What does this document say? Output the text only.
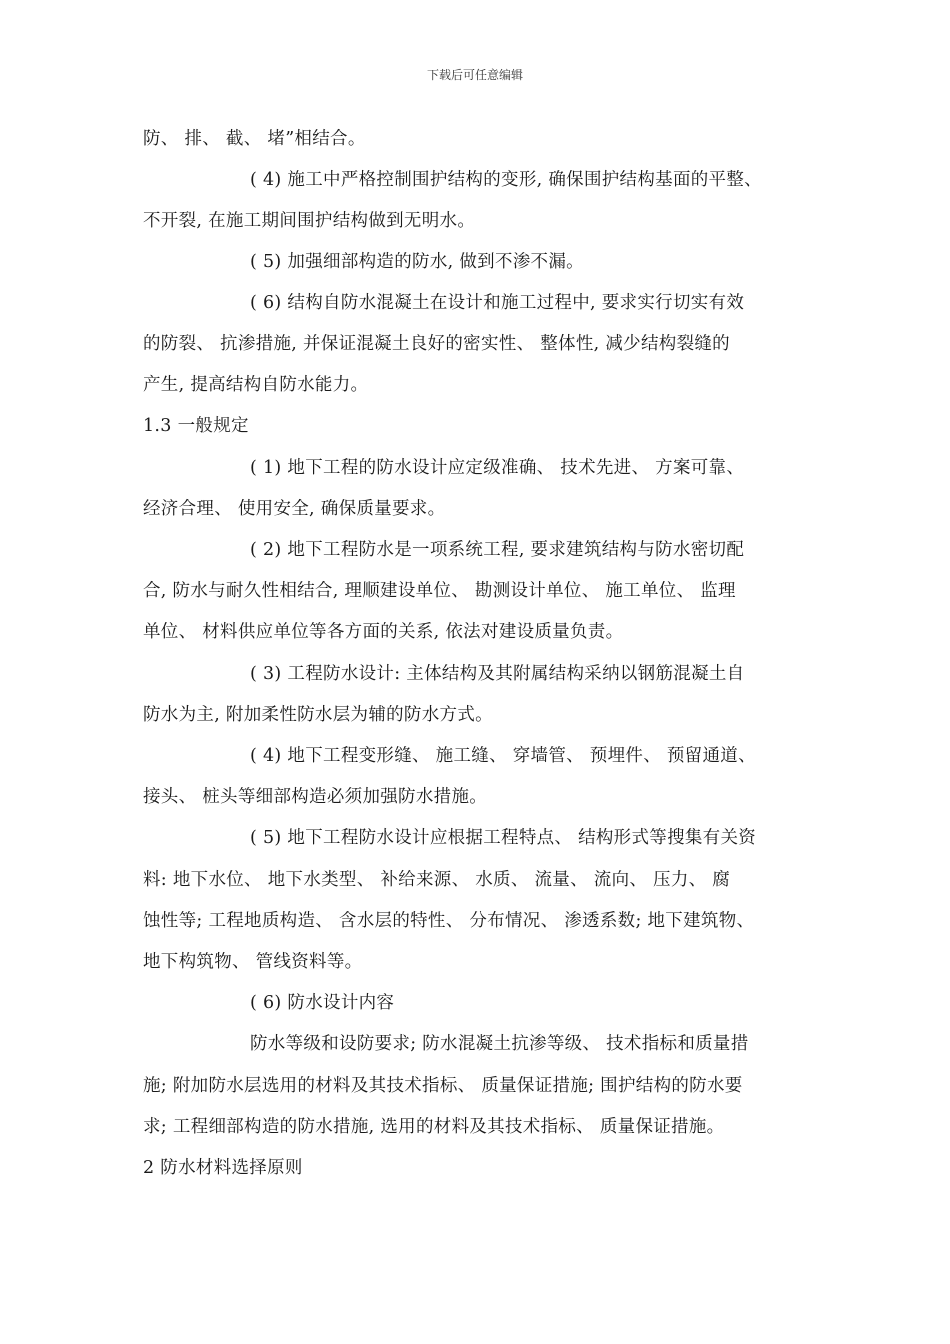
下载后可任意编辑
防、 排、 截、 堵”相结合。
( 4) 施工中严格控制围护结构的变形, 确保围护结构基面的平整、
不开裂, 在施工期间围护结构做到无明水。
( 5) 加强细部构造的防水, 做到不渗不漏。
( 6) 结构自防水混凝土在设计和施工过程中, 要求实行切实有效
的防裂、 抗渗措施, 并保证混凝土良好的密实性、 整体性, 减少结构裂缝的
产生, 提高结构自防水能力。
1.3 一般规定
( 1) 地下工程的防水设计应定级准确、 技术先进、 方案可靠、
经济合理、 使用安全, 确保质量要求。
( 2) 地下工程防水是一项系统工程, 要求建筑结构与防水密切配
合, 防水与耐久性相结合, 理顺建设单位、 勘测设计单位、 施工单位、 监理
单位、 材料供应单位等各方面的关系, 依法对建设质量负责。
( 3) 工程防水设计: 主体结构及其附属结构采纳以钢筋混凝土自
防水为主, 附加柔性防水层为辅的防水方式。
( 4) 地下工程变形缝、 施工缝、 穿墙管、 预埋件、 预留通道、
接头、 桩头等细部构造必须加强防水措施。
( 5) 地下工程防水设计应根据工程特点、 结构形式等搜集有关资
料: 地下水位、 地下水类型、 补给来源、 水质、 流量、 流向、 压力、 腐
蚀性等; 工程地质构造、 含水层的特性、 分布情况、 渗透系数; 地下建筑物、
地下构筑物、 管线资料等。
( 6) 防水设计内容
防水等级和设防要求; 防水混凝土抗渗等级、 技术指标和质量措
施; 附加防水层选用的材料及其技术指标、 质量保证措施; 围护结构的防水要
求; 工程细部构造的防水措施, 选用的材料及其技术指标、 质量保证措施。
2 防水材料选择原则
